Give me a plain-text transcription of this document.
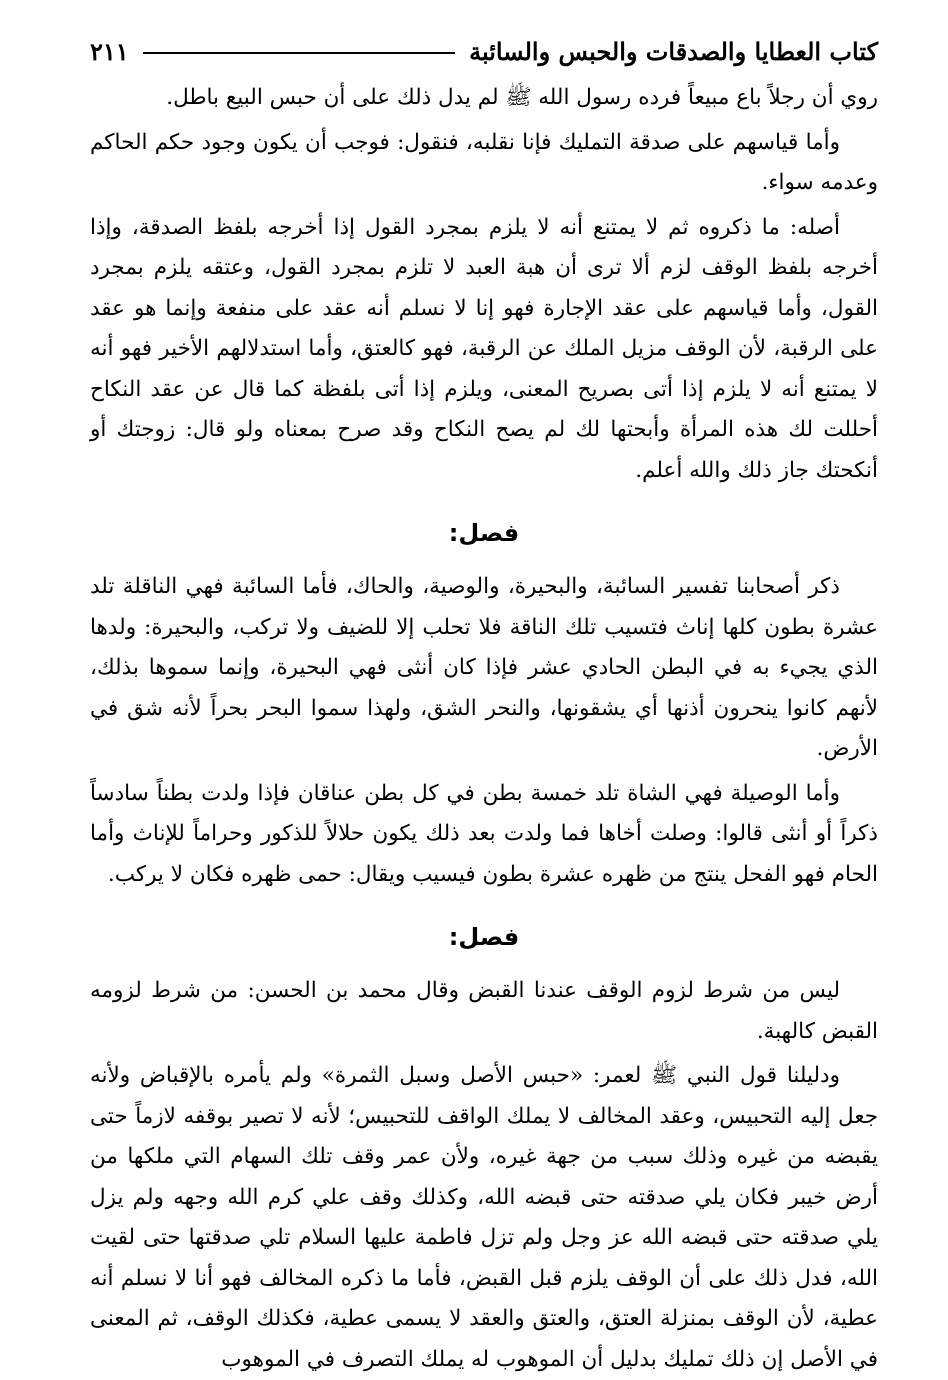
كتاب العطايا والصدقات والحبس والسائبة
٢١١

روي أن رجلاً باع مبيعاً فرده رسول الله ﷺ لم يدل ذلك على أن حبس البيع باطل.

وأما قياسهم على صدقة التمليك فإنا نقلبه، فنقول: فوجب أن يكون وجود حكم الحاكم وعدمه سواء.

أصله: ما ذكروه ثم لا يمتنع أنه لا يلزم بمجرد القول إذا أخرجه بلفظ الصدقة، وإذا أخرجه بلفظ الوقف لزم ألا ترى أن هبة العبد لا تلزم بمجرد القول، وعتقه يلزم بمجرد القول، وأما قياسهم على عقد الإجارة فهو إنا لا نسلم أنه عقد على منفعة وإنما هو عقد على الرقبة، لأن الوقف مزيل الملك عن الرقبة، فهو كالعتق، وأما استدلالهم الأخير فهو أنه لا يمتنع أنه لا يلزم إذا أتى بصريح المعنى، ويلزم إذا أتى بلفظة كما قال عن عقد النكاح أحللت لك هذه المرأة وأبحتها لك لم يصح النكاح وقد صرح بمعناه ولو قال: زوجتك أو أنكحتك جاز ذلك والله أعلم.

فصل:

ذكر أصحابنا تفسير السائبة، والبحيرة، والوصية، والحاك، فأما السائبة فهي الناقلة تلد عشرة بطون كلها إناث فتسيب تلك الناقة فلا تحلب إلا للضيف ولا تركب، والبحيرة: ولدها الذي يجيء به في البطن الحادي عشر فإذا كان أنثى فهي البحيرة، وإنما سموها بذلك، لأنهم كانوا ينحرون أذنها أي يشقونها، والنحر الشق، ولهذا سموا البحر بحراً لأنه شق في الأرض.

وأما الوصيلة فهي الشاة تلد خمسة بطن في كل بطن عناقان فإذا ولدت بطناً سادساً ذكراً أو أنثى قالوا: وصلت أخاها فما ولدت بعد ذلك يكون حلالاً للذكور وحراماً للإناث وأما الحام فهو الفحل ينتج من ظهره عشرة بطون فيسيب ويقال: حمى ظهره فكان لا يركب.

فصل:

ليس من شرط لزوم الوقف عندنا القبض وقال محمد بن الحسن: من شرط لزومه القبض كالهبة.

ودليلنا قول النبي ﷺ لعمر: «حبس الأصل وسبل الثمرة» ولم يأمره بالإقباض ولأنه جعل إليه التحبيس، وعقد المخالف لا يملك الواقف للتحبيس؛ لأنه لا تصير بوقفه لازماً حتى يقبضه من غيره وذلك سبب من جهة غيره، ولأن عمر وقف تلك السهام التي ملكها من أرض خيبر فكان يلي صدقته حتى قبضه الله، وكذلك وقف علي كرم الله وجهه ولم يزل يلي صدقته حتى قبضه الله عز وجل ولم تزل فاطمة عليها السلام تلي صدقتها حتى لقيت الله، فدل ذلك على أن الوقف يلزم قبل القبض، فأما ما ذكره المخالف فهو أنا لا نسلم أنه عطية، لأن الوقف بمنزلة العتق، والعتق والعقد لا يسمى عطية، فكذلك الوقف، ثم المعنى في الأصل إن ذلك تمليك بدليل أن الموهوب له يملك التصرف في الموهوب
